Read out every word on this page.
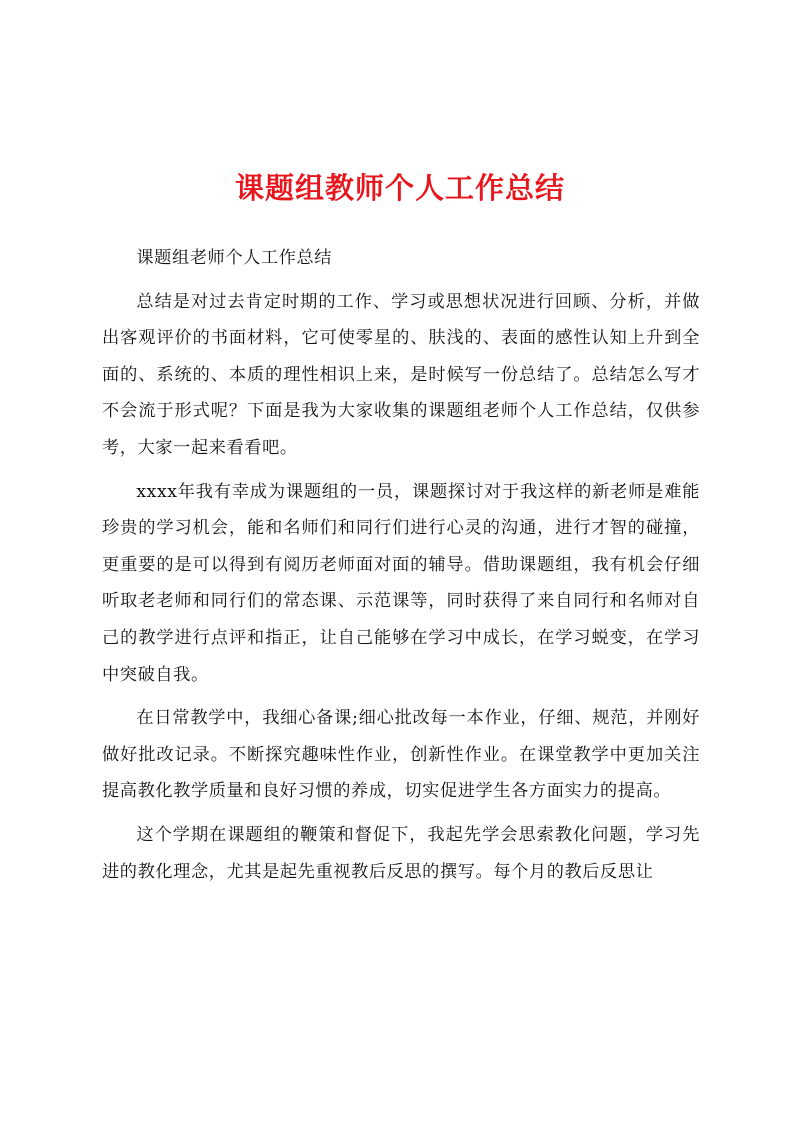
课题组教师个人工作总结

课题组老师个人工作总结

总结是对过去肯定时期的工作、学习或思想状况进行回顾、分析，并做出客观评价的书面材料，它可使零星的、肤浅的、表面的感性认知上升到全面的、系统的、本质的理性相识上来，是时候写一份总结了。总结怎么写才不会流于形式呢？下面是我为大家收集的课题组老师个人工作总结，仅供参考，大家一起来看看吧。

xxxx年我有幸成为课题组的一员，课题探讨对于我这样的新老师是难能珍贵的学习机会，能和名师们和同行们进行心灵的沟通，进行才智的碰撞，更重要的是可以得到有阅历老师面对面的辅导。借助课题组，我有机会仔细听取老老师和同行们的常态课、示范课等，同时获得了来自同行和名师对自己的教学进行点评和指正，让自己能够在学习中成长，在学习蜕变，在学习中突破自我。

在日常教学中，我细心备课;细心批改每一本作业，仔细、规范，并刚好做好批改记录。不断探究趣味性作业，创新性作业。在课堂教学中更加关注提高教化教学质量和良好习惯的养成，切实促进学生各方面实力的提高。

这个学期在课题组的鞭策和督促下，我起先学会思索教化问题，学习先进的教化理念，尤其是起先重视教后反思的撰写。每个月的教后反思让
